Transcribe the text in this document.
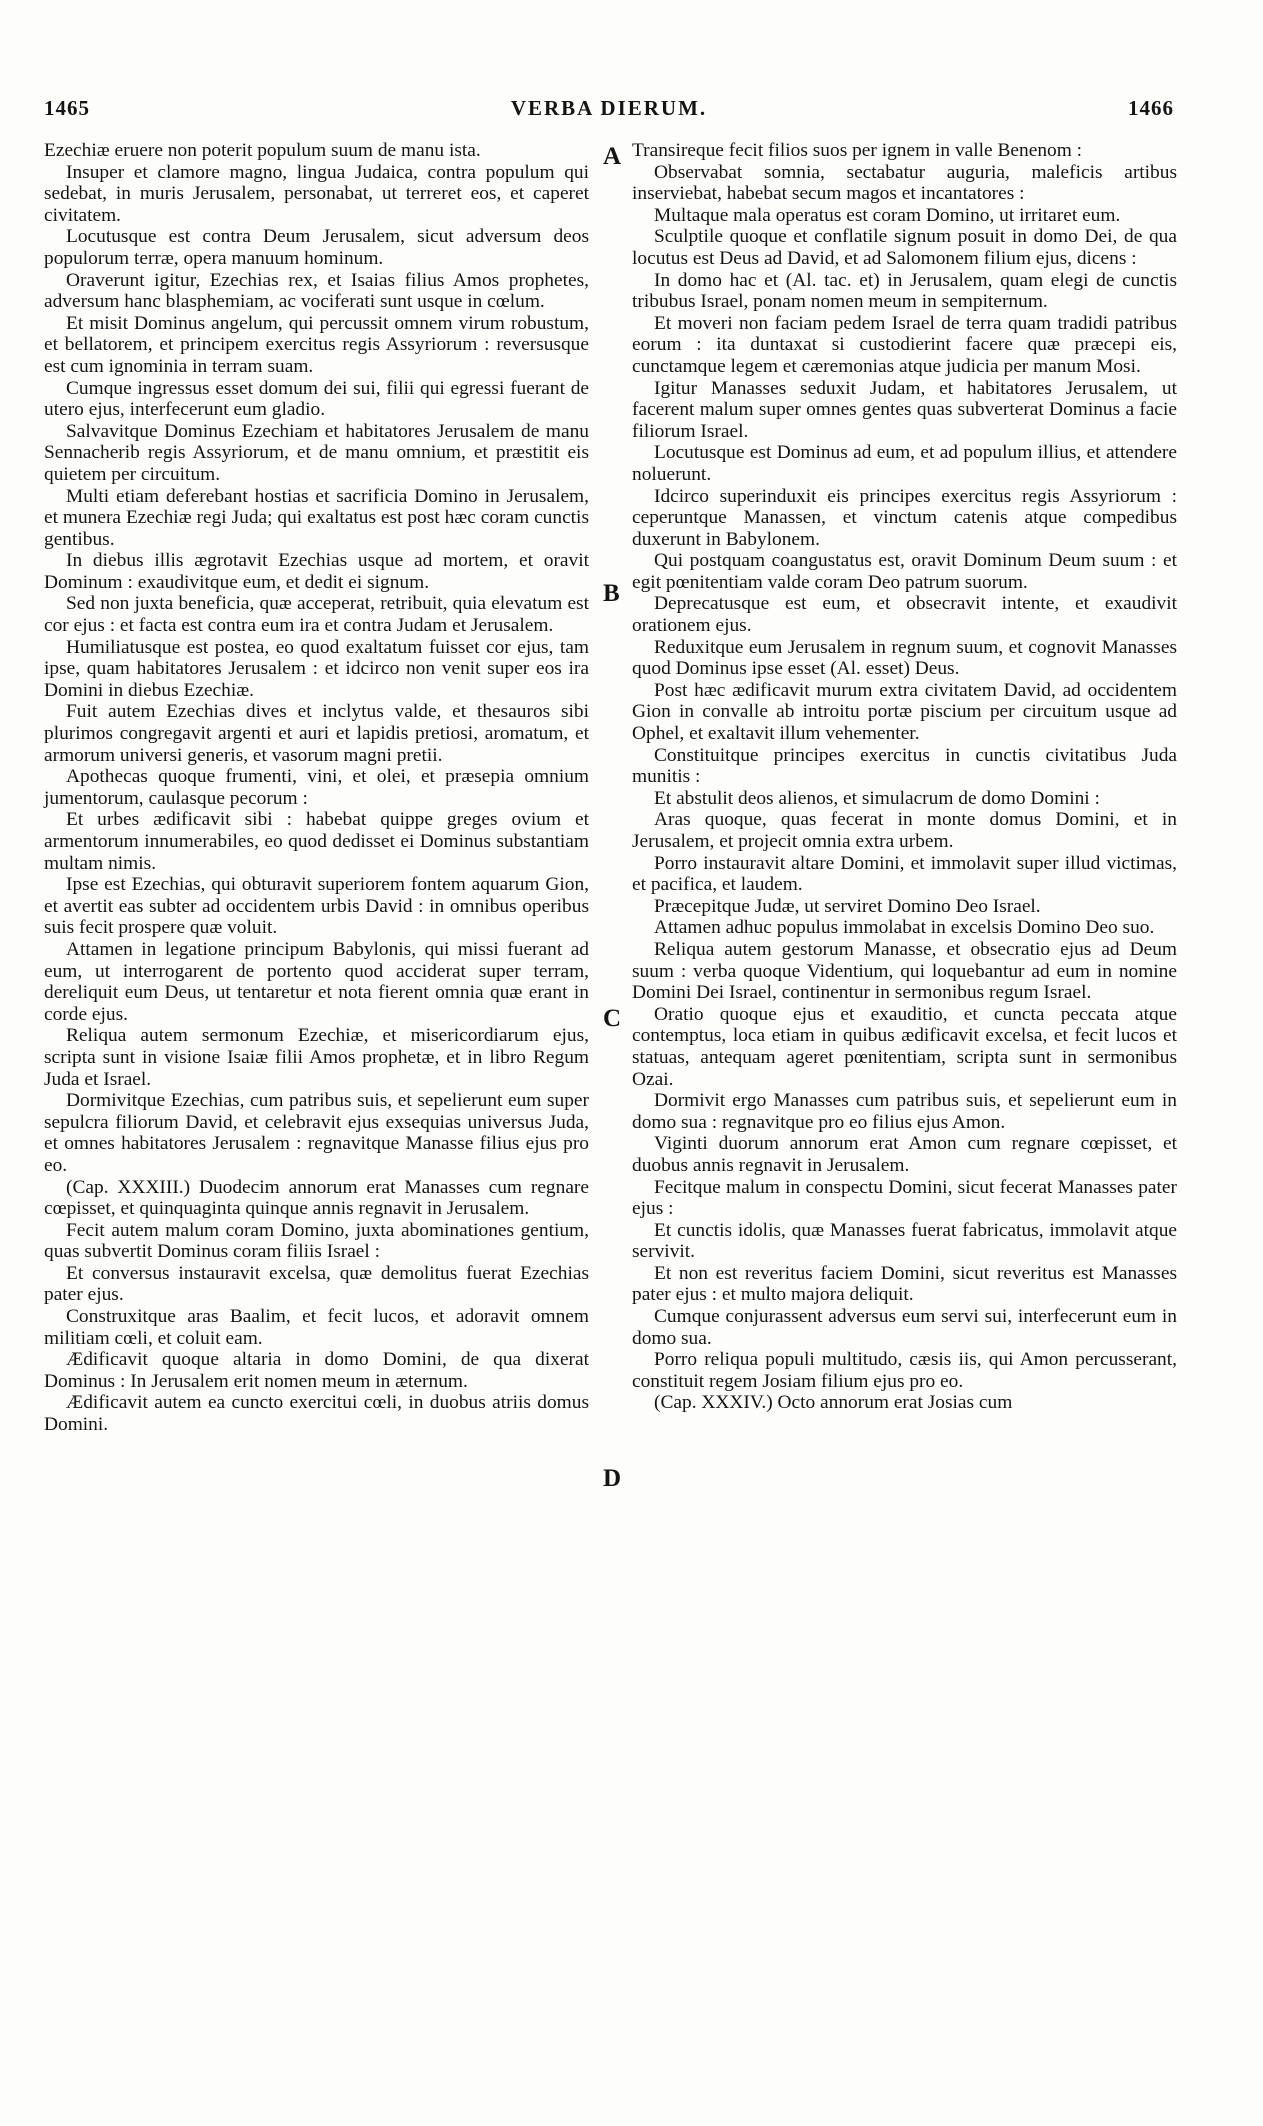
1465	VERBA DIERUM.	1466

Ezechiæ eruere non poterit populum suum de manu ista.

Insuper et clamore magno, lingua Judaica, contra populum qui sedebat, in muris Jerusalem, personabat, ut terreret eos, et caperet civitatem.

Locutusque est contra Deum Jerusalem, sicut adversum deos populorum terræ, opera manuum hominum.

Oraverunt igitur, Ezechias rex, et Isaias filius Amos prophetes, adversum hanc blasphemiam, ac vociferati sunt usque in cœlum.

Et misit Dominus angelum, qui percussit omnem virum robustum, et bellatorem, et principem exercitus regis Assyriorum : reversusque est cum ignominia in terram suam.

Cumque ingressus esset domum dei sui, filii qui egressi fuerant de utero ejus, interfecerunt eum gladio.

Salvavitque Dominus Ezechiam et habitatores Jerusalem de manu Sennacherib regis Assyriorum, et de manu omnium, et præstitit eis quietem per circuitum.

Multi etiam deferebant hostias et sacrificia Domino in Jerusalem, et munera Ezechiæ regi Juda; qui exaltatus est post hæc coram cunctis gentibus.

In diebus illis ægrotavit Ezechias usque ad mortem, et oravit Dominum : exaudivitque eum, et dedit ei signum.

Sed non juxta beneficia, quæ acceperat, retribuit, quia elevatum est cor ejus : et facta est contra eum ira et contra Judam et Jerusalem.

Humiliatusque est postea, eo quod exaltatum fuisset cor ejus, tam ipse, quam habitatores Jerusalem : et idcirco non venit super eos ira Domini in diebus Ezechiæ.

Fuit autem Ezechias dives et inclytus valde, et thesauros sibi plurimos congregavit argenti et auri et lapidis pretiosi, aromatum, et armorum universi generis, et vasorum magni pretii.

Apothecas quoque frumenti, vini, et olei, et præsepia omnium jumentorum, caulasque pecorum :

Et urbes ædificavit sibi : habebat quippe greges ovium et armentorum innumerabiles, eo quod dedisset ei Dominus substantiam multam nimis.

Ipse est Ezechias, qui obturavit superiorem fontem aquarum Gion, et avertit eas subter ad occidentem urbis David : in omnibus operibus suis fecit prospere quæ voluit.

Attamen in legatione principum Babylonis, qui missi fuerant ad eum, ut interrogarent de portento quod acciderat super terram, dereliquit eum Deus, ut tentaretur et nota fierent omnia quæ erant in corde ejus.

Reliqua autem sermonum Ezechiæ, et misericordiarum ejus, scripta sunt in visione Isaiæ filii Amos prophetæ, et in libro Regum Juda et Israel.

Dormivitque Ezechias, cum patribus suis, et sepelierunt eum super sepulcra filiorum David, et celebravit ejus exsequias universus Juda, et omnes habitatores Jerusalem : regnavitque Manasse filius ejus pro eo.

(Cap. XXXIII.) Duodecim annorum erat Manasses cum regnare cœpisset, et quinquaginta quinque annis regnavit in Jerusalem.

Fecit autem malum coram Domino, juxta abominationes gentium, quas subvertit Dominus coram filiis Israel :

Et conversus instauravit excelsa, quæ demolitus fuerat Ezechias pater ejus.

Construxitque aras Baalim, et fecit lucos, et adoravit omnem militiam cœli, et coluit eam.

Ædificavit quoque altaria in domo Domini, de qua dixerat Dominus : In Jerusalem erit nomen meum in æternum.

Ædificavit autem ea cuncto exercitui cœli, in duobus atriis domus Domini.

Transireque fecit filios suos per ignem in valle Benenom :

Observabat somnia, sectabatur auguria, maleficis artibus inserviebat, habebat secum magos et incantatores :

Multaque mala operatus est coram Domino, ut irritaret eum.

Sculptile quoque et conflatile signum posuit in domo Dei, de qua locutus est Deus ad David, et ad Salomonem filium ejus, dicens :

In domo hac et (Al. tac. et) in Jerusalem, quam elegi de cunctis tribubus Israel, ponam nomen meum in sempiternum.

Et moveri non faciam pedem Israel de terra quam tradidi patribus eorum : ita duntaxat si custodierint facere quæ præcepi eis, cunctamque legem et cæremonias atque judicia per manum Mosi.

Igitur Manasses seduxit Judam, et habitatores Jerusalem, ut facerent malum super omnes gentes quas subverterat Dominus a facie filiorum Israel.

Locutusque est Dominus ad eum, et ad populum illius, et attendere noluerunt.

Idcirco superinduxit eis principes exercitus regis Assyriorum : ceperuntque Manassen, et vinctum catenis atque compedibus duxerunt in Babylonem.

Qui postquam coangustatus est, oravit Dominum Deum suum : et egit pœnitentiam valde coram Deo patrum suorum.

Deprecatusque est eum, et obsecravit intente, et exaudivit orationem ejus.

Reduxitque eum Jerusalem in regnum suum, et cognovit Manasses quod Dominus ipse esset (Al. esset) Deus.

Post hæc ædificavit murum extra civitatem David, ad occidentem Gion in convalle ab introitu portæ piscium per circuitum usque ad Ophel, et exaltavit illum vehementer.

Constituitque principes exercitus in cunctis civitatibus Juda munitis :

Et abstulit deos alienos, et simulacrum de domo Domini :

Aras quoque, quas fecerat in monte domus Domini, et in Jerusalem, et projecit omnia extra urbem.

Porro instauravit altare Domini, et immolavit super illud victimas, et pacifica, et laudem.

Præcepitque Judæ, ut serviret Domino Deo Israel.

Attamen adhuc populus immolabat in excelsis Domino Deo suo.

Reliqua autem gestorum Manasse, et obsecratio ejus ad Deum suum : verba quoque Videntium, qui loquebantur ad eum in nomine Domini Dei Israel, continentur in sermonibus regum Israel.

Oratio quoque ejus et exauditio, et cuncta peccata atque contemptus, loca etiam in quibus ædificavit excelsa, et fecit lucos et statuas, antequam ageret pœnitentiam, scripta sunt in sermonibus Ozai.

Dormivit ergo Manasses cum patribus suis, et sepelierunt eum in domo sua : regnavitque pro eo filius ejus Amon.

Viginti duorum annorum erat Amon cum regnare cœpisset, et duobus annis regnavit in Jerusalem.

Fecitque malum in conspectu Domini, sicut fecerat Manasses pater ejus :

Et cunctis idolis, quæ Manasses fuerat fabricatus, immolavit atque servivit.

Et non est reveritus faciem Domini, sicut reveritus est Manasses pater ejus : et multo majora deliquit.

Cumque conjurassent adversus eum servi sui, interfecerunt eum in domo sua.

Porro reliqua populi multitudo, cæsis iis, qui Amon percusserant, constituit regem Josiam filium ejus pro eo.

(Cap. XXXIV.) Octo annorum erat Josias cum

A
B
C
D
